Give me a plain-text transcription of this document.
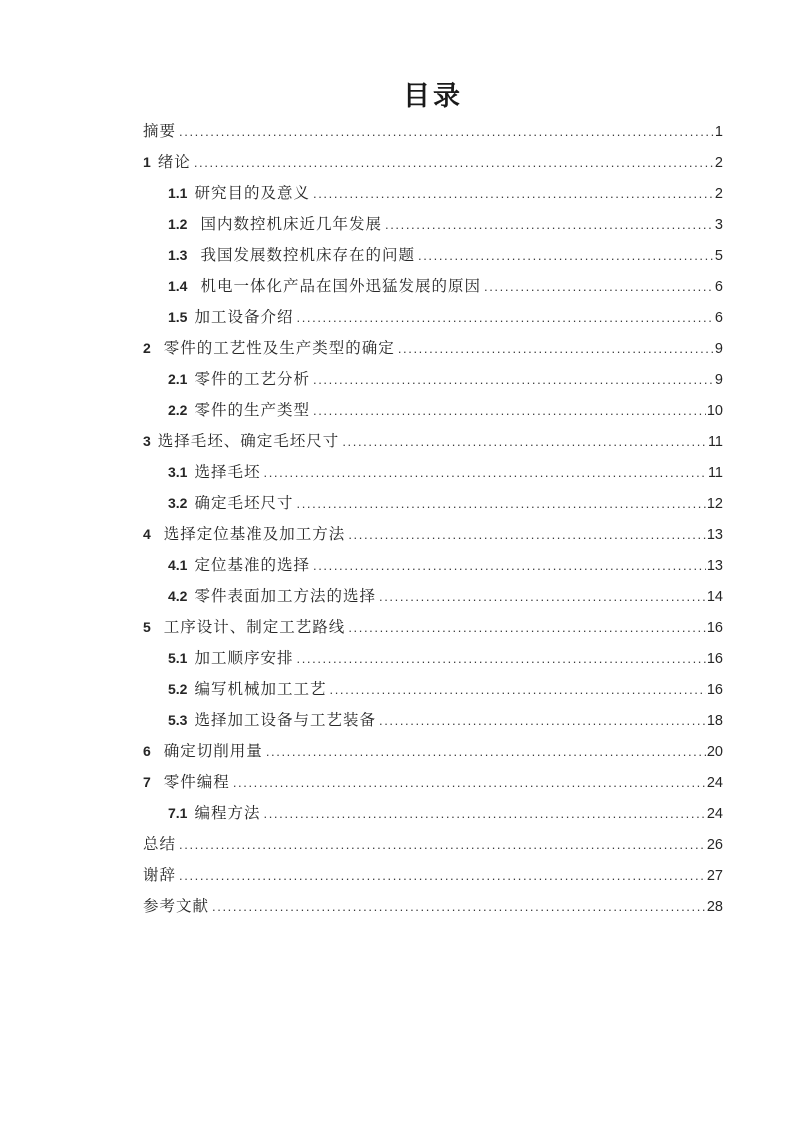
目录
摘要 .....	1
1 绪论 .....	2
1.1 研究目的及意义 .....	2
1.2 国内数控机床近几年发展 .....	3
1.3 我国发展数控机床存在的问题 .....	5
1.4 机电一体化产品在国外迅猛发展的原因 .....	6
1.5 加工设备介绍 .....	6
2 零件的工艺性及生产类型的确定 .....	9
2.1 零件的工艺分析 .....	9
2.2 零件的生产类型 .....	10
3 选择毛坯、确定毛坯尺寸 .....	11
3.1 选择毛坯 .....	11
3.2 确定毛坯尺寸 .....	12
4 选择定位基准及加工方法 .....	13
4.1 定位基准的选择 .....	13
4.2 零件表面加工方法的选择 .....	14
5 工序设计、制定工艺路线 .....	16
5.1 加工顺序安排 .....	16
5.2 编写机械加工工艺 .....	16
5.3 选择加工设备与工艺装备 .....	18
6 确定切削用量 .....	20
7 零件编程 .....	24
7.1 编程方法 .....	24
总结 .....	26
谢辞 .....	27
参考文献 .....	28
